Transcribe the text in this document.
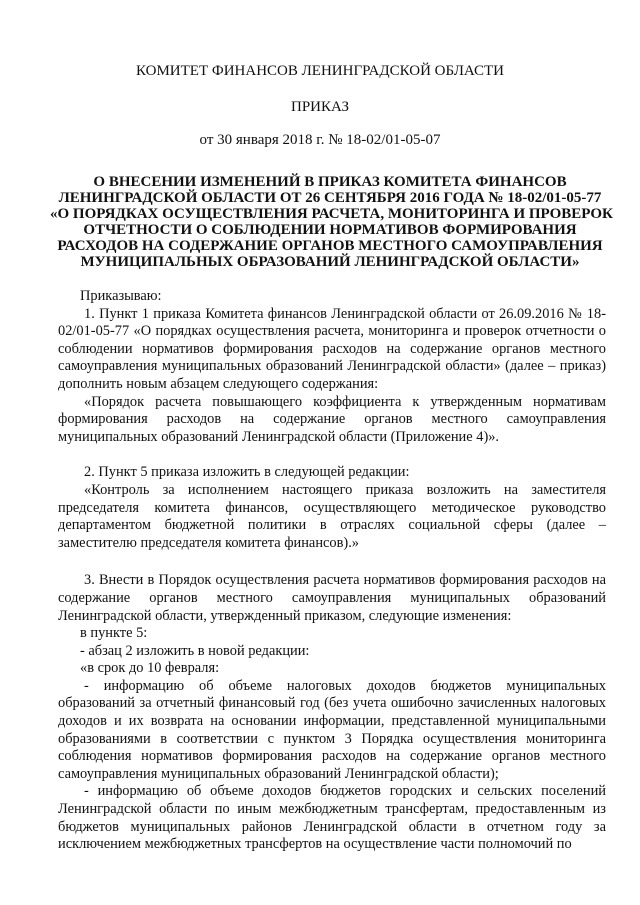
КОМИТЕТ ФИНАНСОВ ЛЕНИНГРАДСКОЙ ОБЛАСТИ
ПРИКАЗ
от 30 января 2018 г. № 18-02/01-05-07
О ВНЕСЕНИИ ИЗМЕНЕНИЙ В ПРИКАЗ КОМИТЕТА ФИНАНСОВ
ЛЕНИНГРАДСКОЙ ОБЛАСТИ ОТ 26 СЕНТЯБРЯ 2016 ГОДА № 18-02/01-05-77
«О ПОРЯДКАХ ОСУЩЕСТВЛЕНИЯ РАСЧЕТА, МОНИТОРИНГА И ПРОВЕРОК
ОТЧЕТНОСТИ О СОБЛЮДЕНИИ НОРМАТИВОВ ФОРМИРОВАНИЯ
РАСХОДОВ НА СОДЕРЖАНИЕ ОРГАНОВ МЕСТНОГО САМОУПРАВЛЕНИЯ
МУНИЦИПАЛЬНЫХ ОБРАЗОВАНИЙ ЛЕНИНГРАДСКОЙ ОБЛАСТИ»

Приказываю:

1. Пункт 1 приказа Комитета финансов Ленинградской области от 26.09.2016 № 18-02/01-05-77 «О порядках осуществления расчета, мониторинга и проверок отчетности о соблюдении нормативов формирования расходов на содержание органов местного самоуправления муниципальных образований Ленинградской области» (далее – приказ) дополнить новым абзацем следующего содержания:

«Порядок расчета повышающего коэффициента к утвержденным нормативам формирования расходов на содержание органов местного самоуправления муниципальных образований Ленинградской области (Приложение 4)».

2. Пункт 5 приказа изложить в следующей редакции:

«Контроль за исполнением настоящего приказа возложить на заместителя председателя комитета финансов, осуществляющего методическое руководство департаментом бюджетной политики в отраслях социальной сферы (далее – заместителю председателя комитета финансов).»

3. Внести в Порядок осуществления расчета нормативов формирования расходов на содержание органов местного самоуправления муниципальных образований Ленинградской области, утвержденный приказом, следующие изменения:

в пункте 5:

- абзац 2 изложить в новой редакции:

«в срок до 10 февраля:

- информацию об объеме налоговых доходов бюджетов муниципальных образований за отчетный финансовый год (без учета ошибочно зачисленных налоговых доходов и их возврата на основании информации, представленной муниципальными образованиями в соответствии с пунктом 3 Порядка осуществления мониторинга соблюдения нормативов формирования расходов на содержание органов местного самоуправления муниципальных образований Ленинградской области);

- информацию об объеме доходов бюджетов городских и сельских поселений Ленинградской области по иным межбюджетным трансфертам, предоставленным из бюджетов муниципальных районов Ленинградской области в отчетном году за исключением межбюджетных трансфертов на осуществление части полномочий по
